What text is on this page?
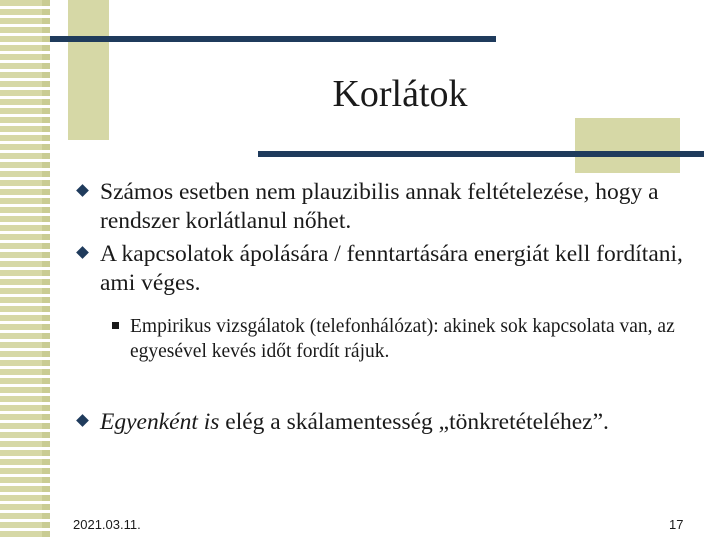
Korlátok
Számos esetben nem plauzibilis annak feltételezése, hogy a rendszer korlátlanul nőhet.
A kapcsolatok ápolására / fenntartására energiát kell fordítani, ami véges.
Empirikus vizsgálatok (telefonhálózat): akinek sok kapcsolata van, az egyesével kevés időt fordít rájuk.
Egyenként is elég a skálamentesség „tönkretételéhez”.
2021.03.11.	17
